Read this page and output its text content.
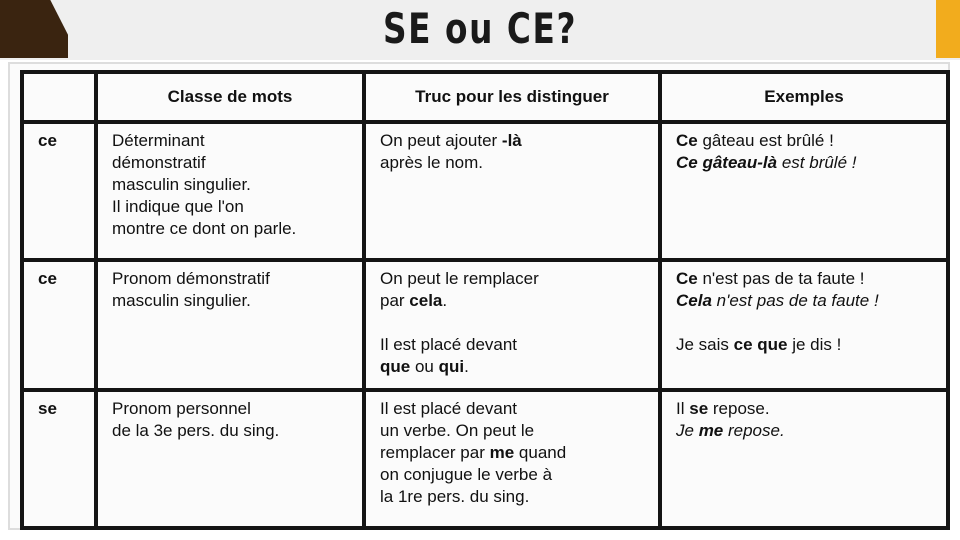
SE ou CE?
	Classe de mots	Truc pour les distinguer	Exemples
ce	Déterminant
démonstratif
masculin singulier.
Il indique que l'on
montre ce dont on parle.	On peut ajouter -là
après le nom.	Ce gâteau est brûlé !
Ce gâteau-là est brûlé !

ce	Pronom démonstratif
masculin singulier.	On peut le remplacer
par cela.
Il est placé devant
que ou qui.	Ce n'est pas de ta faute !
Cela n'est pas de ta faute !
Je sais ce que je dis !

se	Pronom personnel
de la 3e pers. du sing.	Il est placé devant
un verbe. On peut le
remplacer par me quand
on conjugue le verbe à
la 1re pers. du sing.	Il se repose.
Je me repose.
